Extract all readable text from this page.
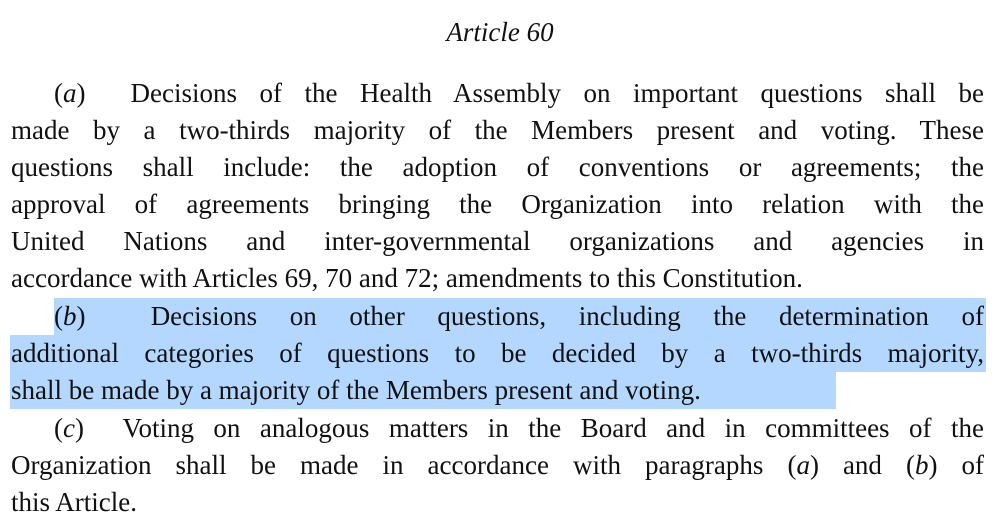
Article 60
(a)  Decisions of the Health Assembly on important questions shall be
made by a two-thirds majority of the Members present and voting. These
questions shall include: the adoption of conventions or agreements; the
approval of agreements bringing the Organization into relation with the
United Nations and inter-governmental organizations and agencies in
accordance with Articles 69, 70 and 72; amendments to this Constitution.
(b)  Decisions on other questions, including the determination of
additional categories of questions to be decided by a two-thirds majority,
shall be made by a majority of the Members present and voting.
(c)  Voting on analogous matters in the Board and in committees of the
Organization shall be made in accordance with paragraphs (a) and (b) of
this Article.
